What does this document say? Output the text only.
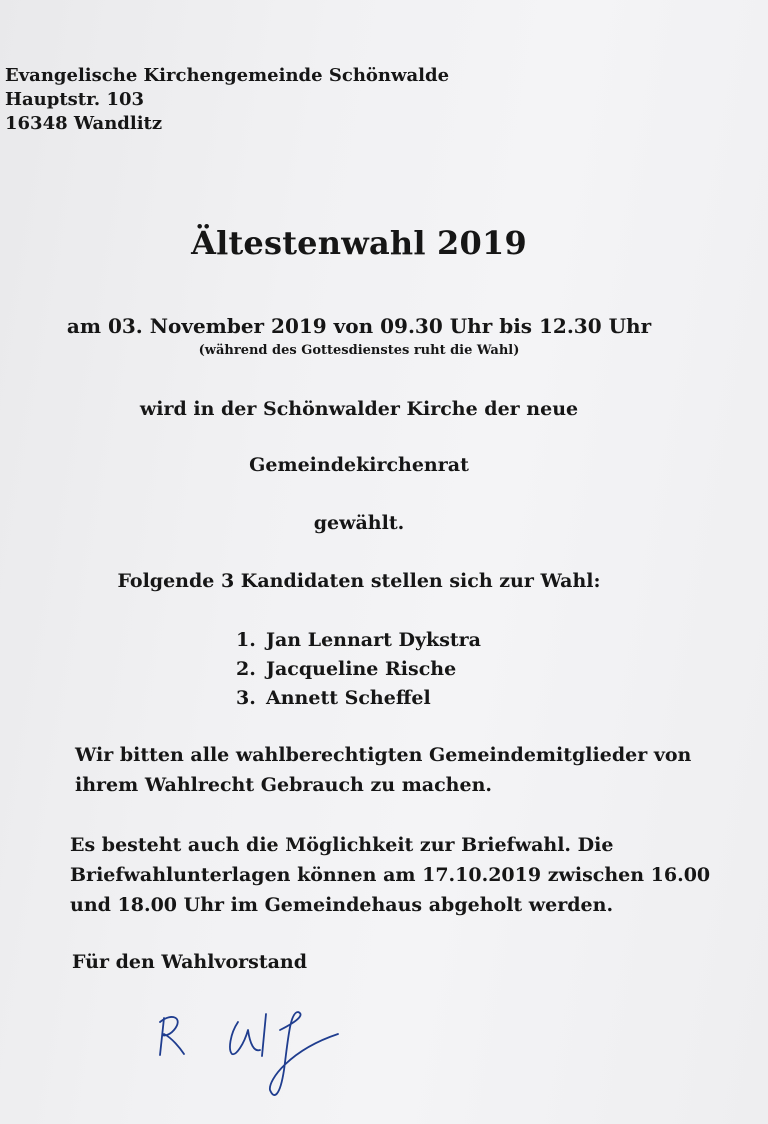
Evangelische Kirchengemeinde Schönwalde
Hauptstr. 103
16348 Wandlitz
Ältestenwahl 2019
am 03. November 2019 von 09.30 Uhr bis 12.30 Uhr
(während des Gottesdienstes ruht die Wahl)
wird in der Schönwalder Kirche der neue
Gemeindekirchenrat
gewählt.
Folgende 3 Kandidaten stellen sich zur Wahl:
1. Jan Lennart Dykstra
2. Jacqueline Rische
3. Annett Scheffel
Wir bitten alle wahlberechtigten Gemeindemitglieder von
ihrem Wahlrecht Gebrauch zu machen.
Es besteht auch die Möglichkeit zur Briefwahl. Die
Briefwahlunterlagen können am 17.10.2019 zwischen 16.00
und 18.00 Uhr im Gemeindehaus abgeholt werden.
Für den Wahlvorstand
